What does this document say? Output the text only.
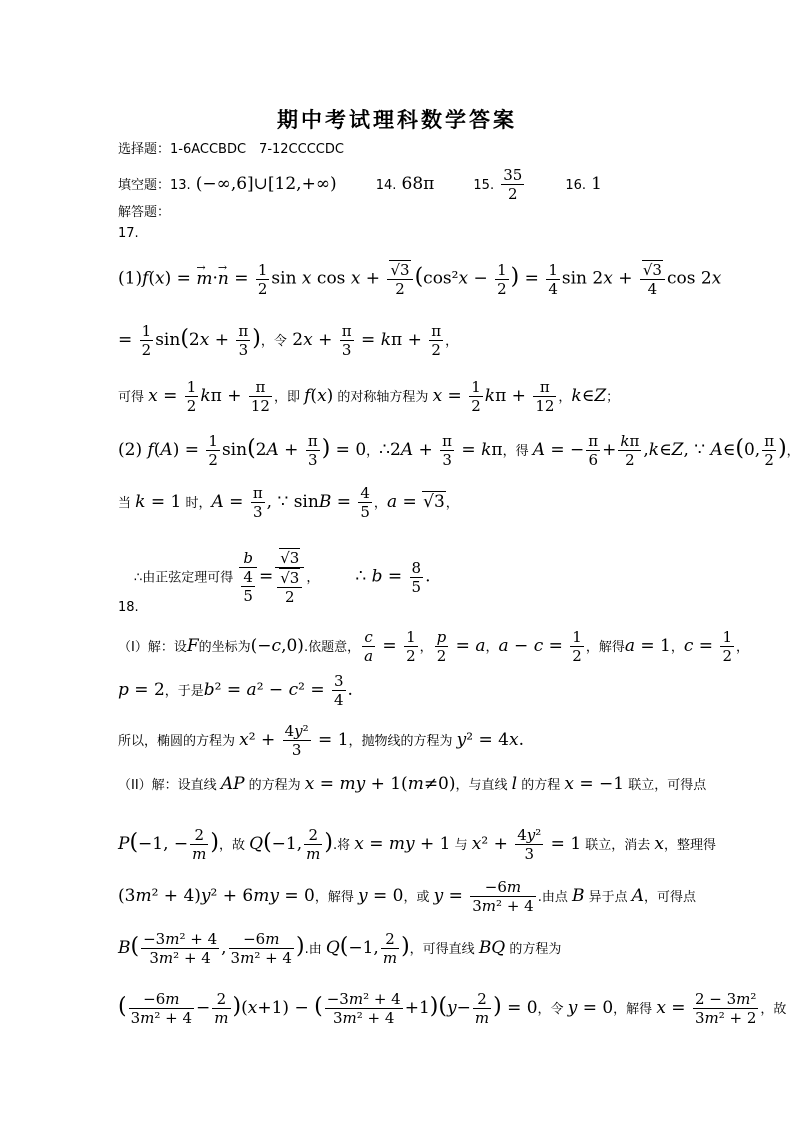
期中考试理科数学答案
选择题：1-6ACCBDC　7-12CCCCDC
填空题：13. (−∞,6]∪[12,+∞)	14. 68π	15. $\frac{35}{2}$	16. 1
解答题：
17.
(1)f(x) = → $m\cdot\to n = \frac{1}{2}$ sin x $\cos x + \frac{√3}{2} (\cos^2x - \frac{1}{2}$ ) = $\frac{1}{4}$ $\sin 2x + \frac{√3}{4}$ cos 2x
= $\frac{1}{2} \sin(2x + \frac{\pi}{3}$ )，令 $2x + \frac{\pi}{3} = k\pi + \frac{\pi}{2}$ ，
可得 $x = \frac{1}{2}$ $k\pi + \frac{\pi}{12}$ ，即 f(x) 的对称轴方程为 $x = \frac{1}{2}$ $k\pi + \frac{\pi}{12}$ ，k∈Z；
(2) $f(A) = \frac{1}{2} \sin(2A + \frac{\pi}{3}$ ) = 0，∴2A + $\frac{\pi}{3} = k\pi$，得 A = − $\frac{\pi}{6} + \frac{k\pi}{2}$ ,k∈Z, ∵ A∈(0, $\frac{\pi}{2}$ )，
当 k = 1 时，$A = \frac{\pi}{3}$ , ∵ $\sin B = \frac{4}{5}$ ，a = √3，
∴由正弦定理可得 $\frac{b}{\frac{4}{5}} = \frac{√3}{\frac{√3}{2}}$ ， ∴ $b = \frac{8}{5}$ .
18.
（I）解：设F的坐标为(−c,0).依题意， $\frac{c}{a} = \frac{1}{2}$ ， $\frac{p}{2} = a$，$a - c = \frac{1}{2}$ ，解得a = 1，$c = \frac{1}{2}$ ，
p = 2，于是$b^2 = a^2 - c^2 = \frac{3}{4}$ .
所以，椭圆的方程为 $x^2 + \frac{\text{4y²}}{3} = 1$，抛物线的方程为 y² = 4x.
（II）解：设直线 AP 的方程为 x = my + 1(m≠0)，与直线 l 的方程 x = −1 联立，可得点
P(−1, − $\frac{2}{m}$ )，故 Q(−1, $\frac{2}{m}$ ).将 x = my + 1 与 $x^2 + \frac{\text{4y²}}{3} = 1$ 联立，消去 x，整理得
(3m² + 4)y² + 6my = 0，解得 y = 0，或 $y = \frac{-6m}{\text{3m² + 4}}$ .由点 B 异于点 A，可得点
$B( \frac{\text{−3m² + 4}}{\text{3m² + 4}}$ , $\frac{-6m}{\text{3m² + 4}}$ ).由 Q(−1, $\frac{2}{m}$ )，可得直线 BQ 的方程为
( $\frac{-6m}{\text{3m² + 4}} - \frac{2}{m} )(x+1)$ − ( $\frac{\text{−3m² + 4}}{\text{3m² + 4}} +1)(y- \frac{2}{m}$ ) = 0，令 y = 0，解得 $x = \frac{\text{2 − 3m²}}{\text{3m² + 2}}$ ，故
